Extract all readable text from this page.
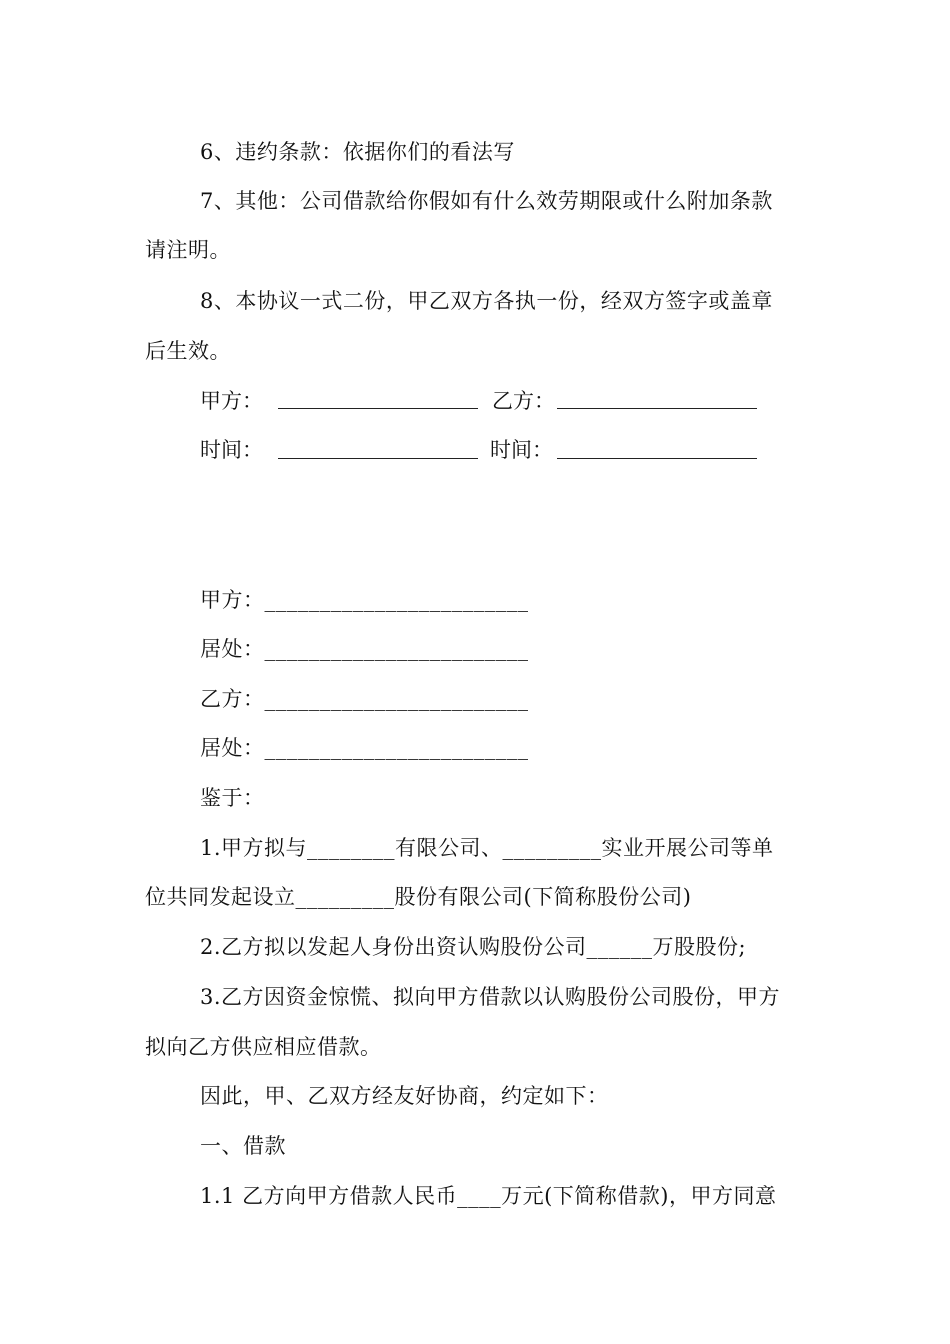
6、违约条款：依据你们的看法写
7、其他：公司借款给你假如有什么效劳期限或什么附加条款
请注明。
8、本协议一式二份，甲乙双方各执一份，经双方签字或盖章
后生效。
甲方：	乙方：
时间：	时间：
甲方：________________________
居处：________________________
乙方：________________________
居处：________________________
鉴于：
1.甲方拟与________有限公司、_________实业开展公司等单
位共同发起设立_________股份有限公司(下简称股份公司)
2.乙方拟以发起人身份出资认购股份公司______万股股份;
3.乙方因资金惊慌、拟向甲方借款以认购股份公司股份，甲方
拟向乙方供应相应借款。
因此，甲、乙双方经友好协商，约定如下：
一、借款
1.1 乙方向甲方借款人民币____万元(下简称借款)，甲方同意
